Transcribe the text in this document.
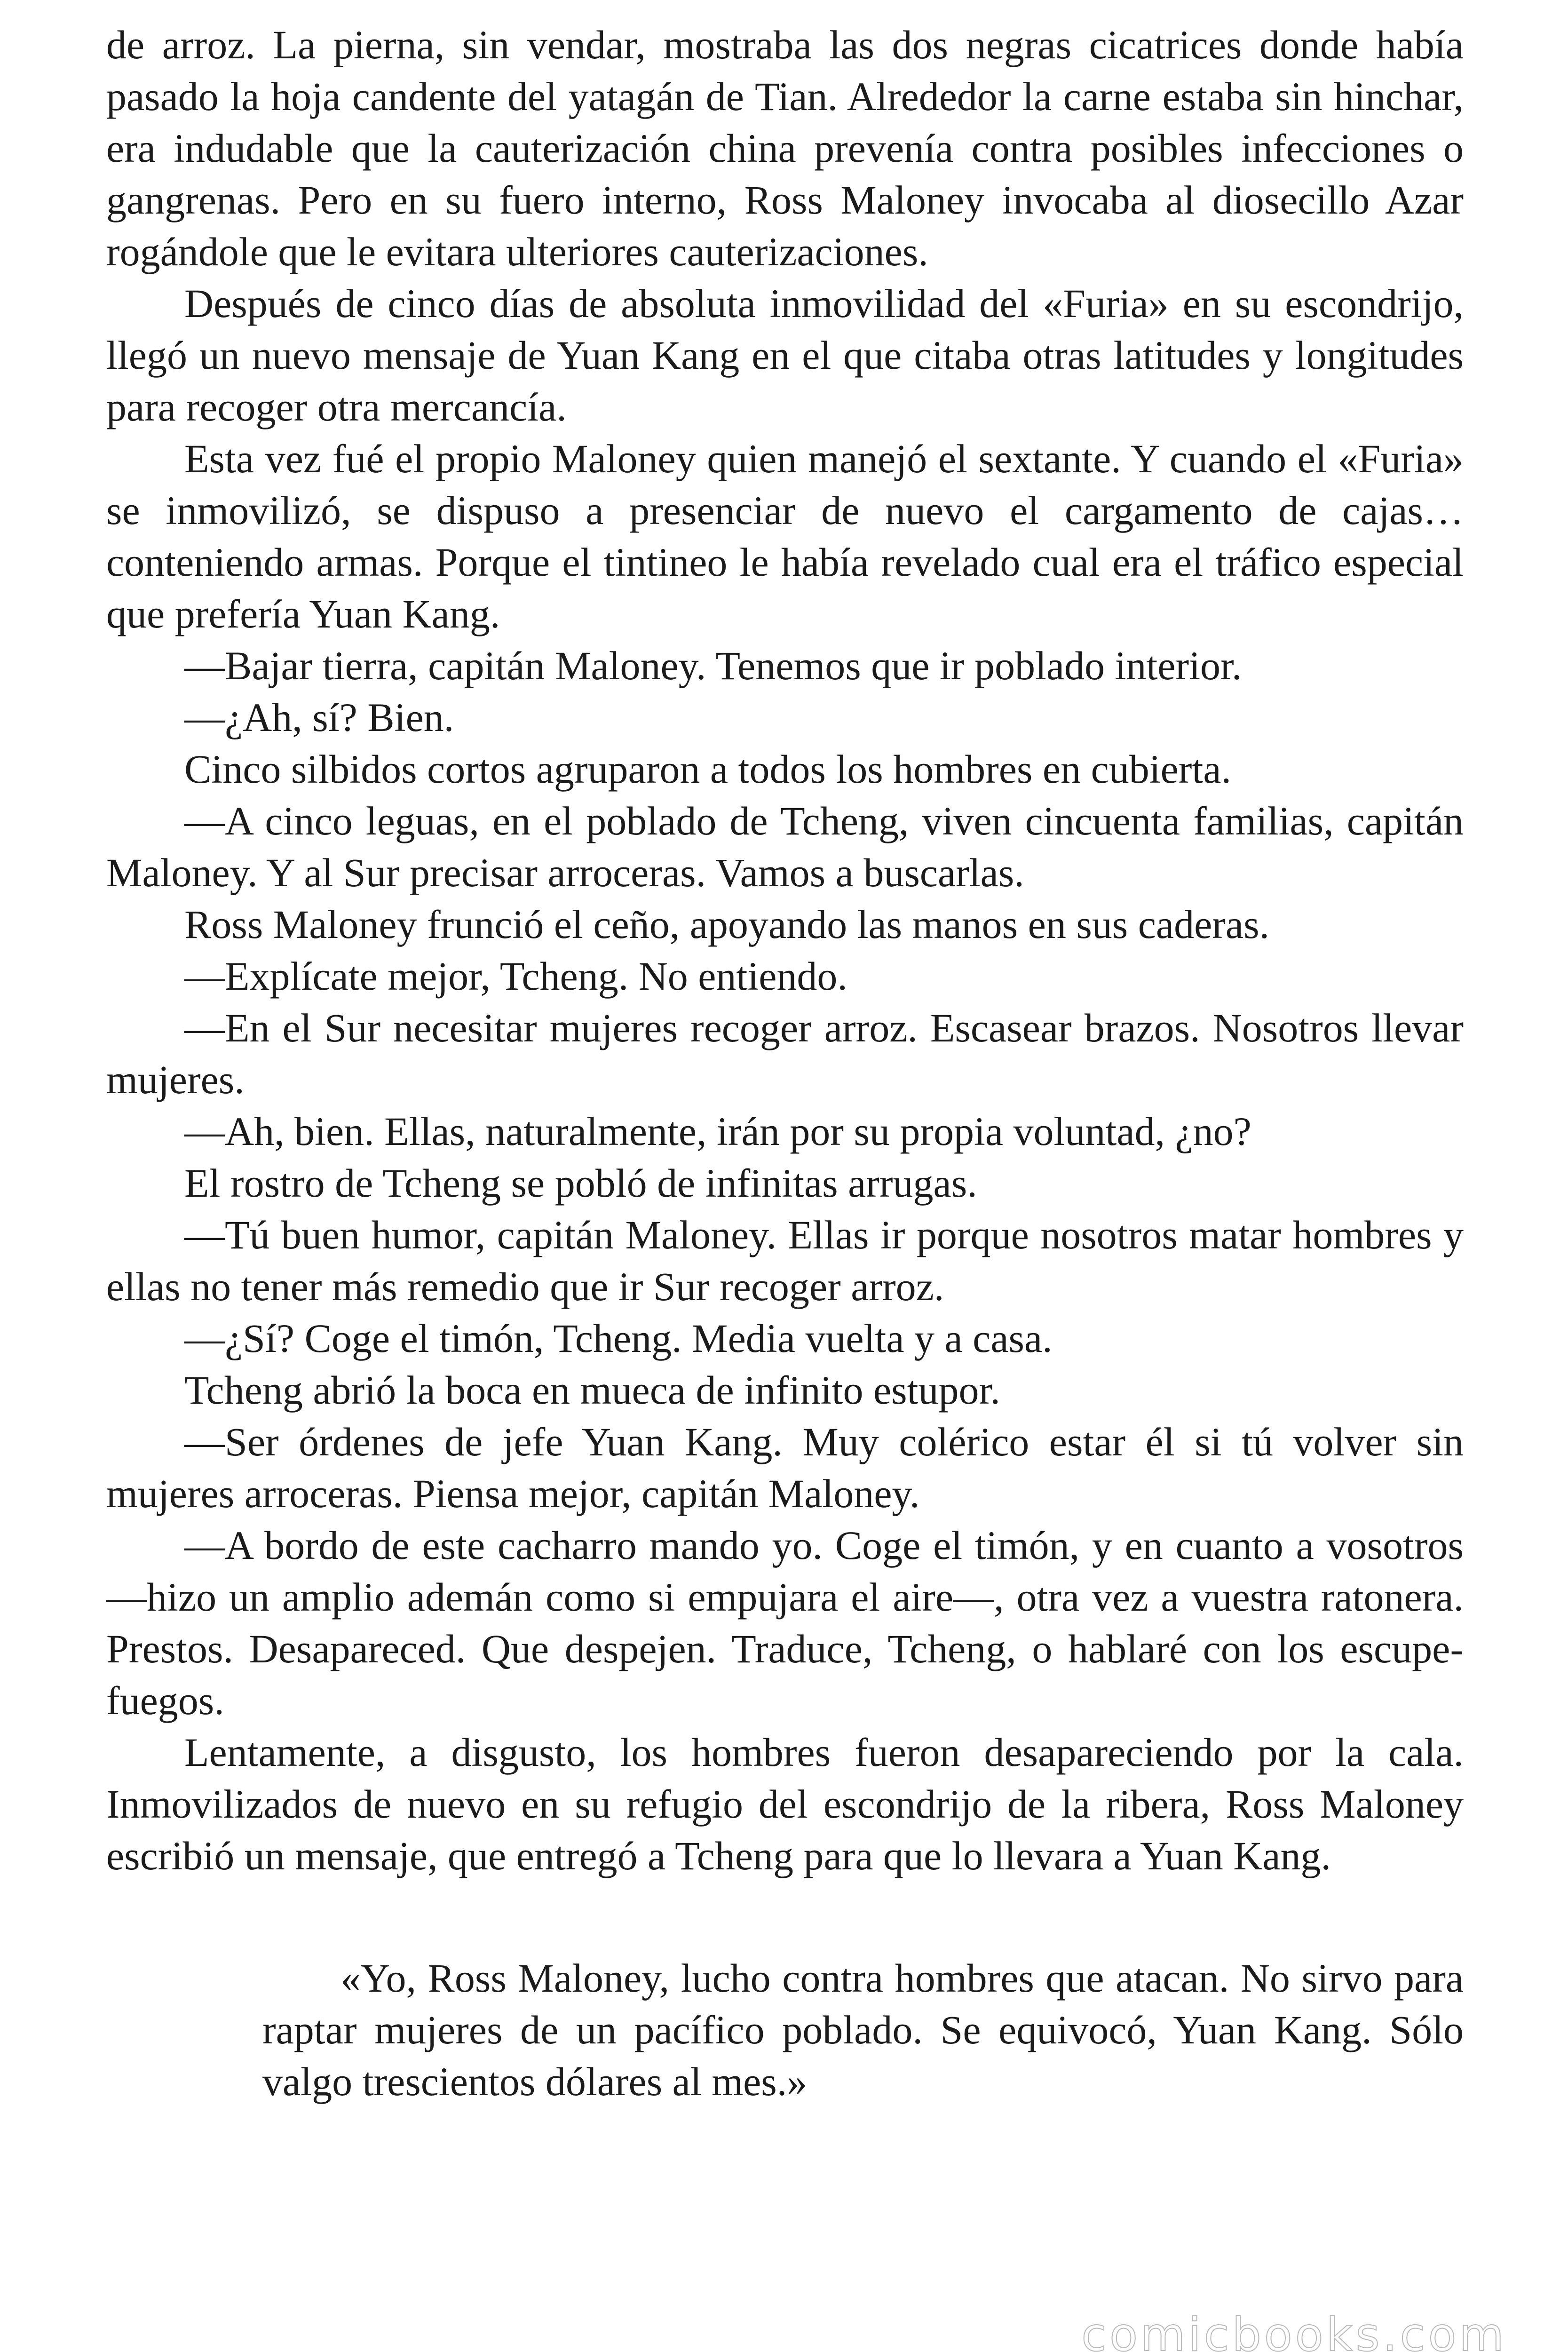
de arroz. La pierna, sin vendar, mostraba las dos negras cicatrices donde había pasado la hoja candente del yatagán de Tian. Alrededor la carne estaba sin hinchar, era indudable que la cauterización china prevenía contra posibles infecciones o gangrenas. Pero en su fuero interno, Ross Maloney invocaba al diosecillo Azar rogándole que le evitara ulteriores cauterizaciones.

Después de cinco días de absoluta inmovilidad del «Furia» en su escondrijo, llegó un nuevo mensaje de Yuan Kang en el que citaba otras latitudes y longitudes para recoger otra mercancía.

Esta vez fué el propio Maloney quien manejó el sextante. Y cuando el «Furia» se inmovilizó, se dispuso a presenciar de nuevo el cargamento de cajas… conteniendo armas. Porque el tintineo le había revelado cual era el tráfico especial que prefería Yuan Kang.

—Bajar tierra, capitán Maloney. Tenemos que ir poblado interior.

—¿Ah, sí? Bien.

Cinco silbidos cortos agruparon a todos los hombres en cubierta.

—A cinco leguas, en el poblado de Tcheng, viven cincuenta familias, capitán Maloney. Y al Sur precisar arroceras. Vamos a buscarlas.

Ross Maloney frunció el ceño, apoyando las manos en sus caderas.

—Explícate mejor, Tcheng. No entiendo.

—En el Sur necesitar mujeres recoger arroz. Escasear brazos. Nosotros llevar mujeres.

—Ah, bien. Ellas, naturalmente, irán por su propia voluntad, ¿no?

El rostro de Tcheng se pobló de infinitas arrugas.

—Tú buen humor, capitán Maloney. Ellas ir porque nosotros matar hombres y ellas no tener más remedio que ir Sur recoger arroz.

—¿Sí? Coge el timón, Tcheng. Media vuelta y a casa.

Tcheng abrió la boca en mueca de infinito estupor.

—Ser órdenes de jefe Yuan Kang. Muy colérico estar él si tú volver sin mujeres arroceras. Piensa mejor, capitán Maloney.

—A bordo de este cacharro mando yo. Coge el timón, y en cuanto a vosotros —hizo un amplio ademán como si empujara el aire—, otra vez a vuestra ratonera. Prestos. Desapareced. Que despejen. Traduce, Tcheng, o hablaré con los escupe-fuegos.

Lentamente, a disgusto, los hombres fueron desapareciendo por la cala. Inmovilizados de nuevo en su refugio del escondrijo de la ribera, Ross Maloney escribió un mensaje, que entregó a Tcheng para que lo llevara a Yuan Kang.

«Yo, Ross Maloney, lucho contra hombres que atacan. No sirvo para raptar mujeres de un pacífico poblado. Se equivocó, Yuan Kang. Sólo valgo trescientos dólares al mes.»

comicbooks.com
